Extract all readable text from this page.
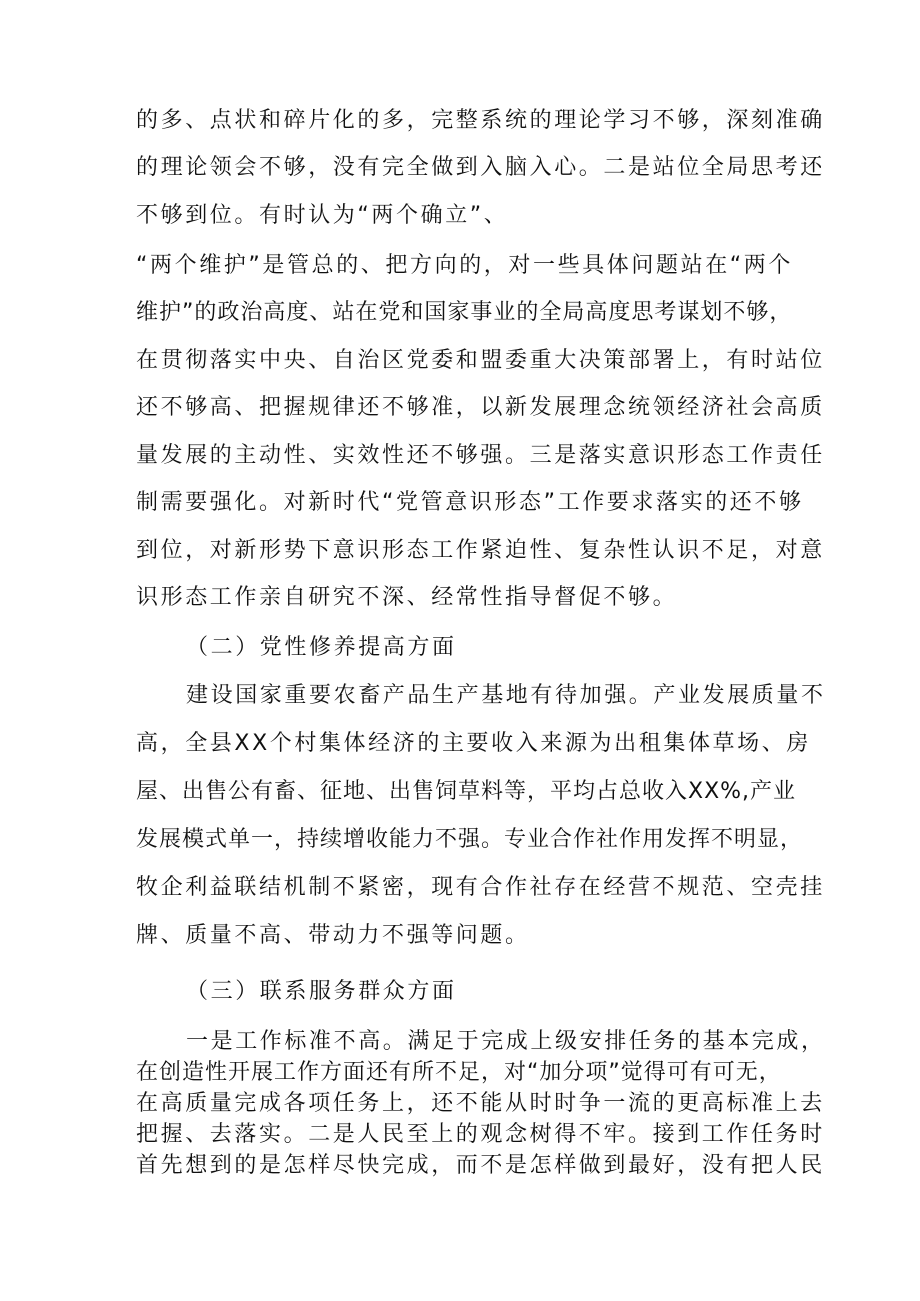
的多、点状和碎片化的多，完整系统的理论学习不够，深刻准确
的理论领会不够，没有完全做到入脑入心。二是站位全局思考还
不够到位。有时认为“两个确立”、
“两个维护”是管总的、把方向的，对一些具体问题站在“两个
维护”的政治高度、站在党和国家事业的全局高度思考谋划不够，
在贯彻落实中央、自治区党委和盟委重大决策部署上，有时站位
还不够高、把握规律还不够准，以新发展理念统领经济社会高质
量发展的主动性、实效性还不够强。三是落实意识形态工作责任
制需要强化。对新时代“党管意识形态”工作要求落实的还不够
到位，对新形势下意识形态工作紧迫性、复杂性认识不足，对意
识形态工作亲自研究不深、经常性指导督促不够。
（二）党性修养提高方面
建设国家重要农畜产品生产基地有待加强。产业发展质量不
高，全县XX个村集体经济的主要收入来源为出租集体草场、房
屋、出售公有畜、征地、出售饲草料等，平均占总收入XX%,产业
发展模式单一，持续增收能力不强。专业合作社作用发挥不明显，
牧企利益联结机制不紧密，现有合作社存在经营不规范、空壳挂
牌、质量不高、带动力不强等问题。
（三）联系服务群众方面
一是工作标准不高。满足于完成上级安排任务的基本完成，
在创造性开展工作方面还有所不足，对“加分项”觉得可有可无，
在高质量完成各项任务上，还不能从时时争一流的更高标准上去
把握、去落实。二是人民至上的观念树得不牢。接到工作任务时
首先想到的是怎样尽快完成，而不是怎样做到最好，没有把人民
